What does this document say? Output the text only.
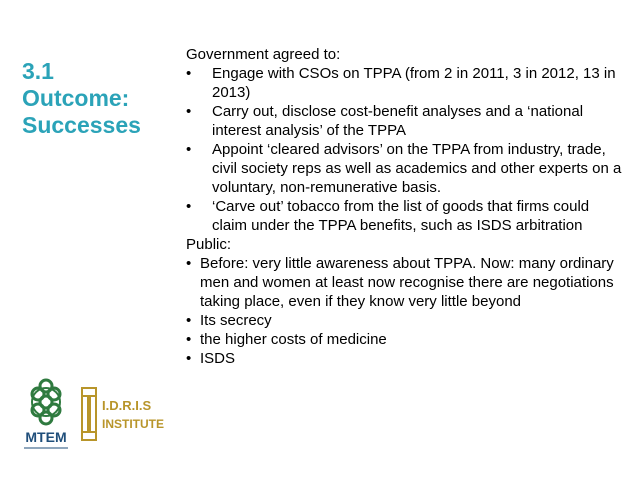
3.1
Outcome:
Successes
MTEM
I.D.R.I.S
INSTITUTE

Government agreed to:

• Engage with CSOs on TPPA (from 2 in 2011, 3 in 2012, 13 in 2013)
• Carry out, disclose cost-benefit analyses and a ‘national interest analysis’ of the TPPA
• Appoint ‘cleared advisors’ on the TPPA from industry, trade, civil society reps as well as academics and other experts on a voluntary, non-remunerative basis.
• ‘Carve out’ tobacco from the list of goods that firms could claim under the TPPA benefits, such as ISDS arbitration

Public:

• Before: very little awareness about TPPA. Now: many ordinary men and women at least now recognise there are negotiations taking place, even if they know very little beyond
• Its secrecy
• the higher costs of medicine
• ISDS
